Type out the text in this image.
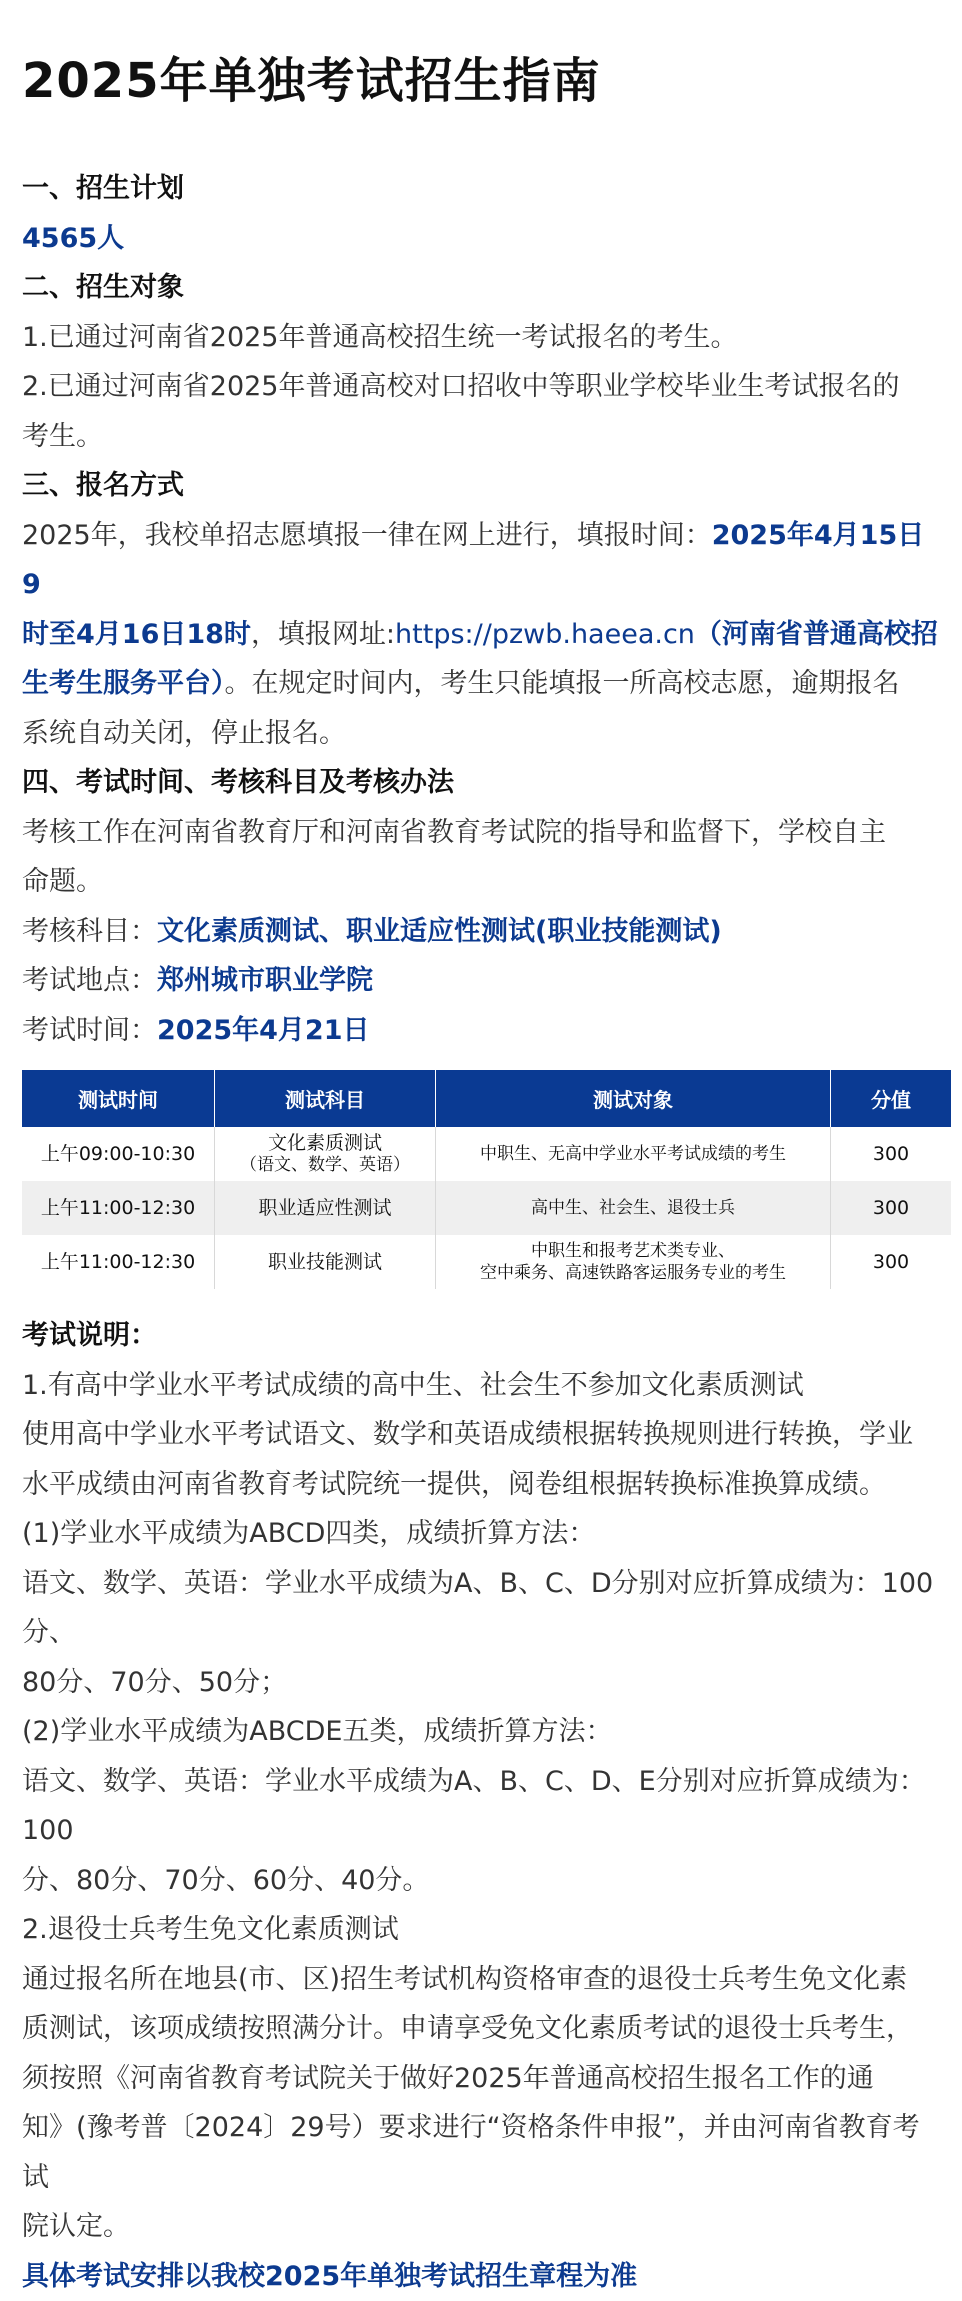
2025年单独考试招生指南

一、招生计划

4565人

二、招生对象

1.已通过河南省2025年普通高校招生统一考试报名的考生。

2.已通过河南省2025年普通高校对口招收中等职业学校毕业生考试报名的

考生。

三、报名方式

2025年，我校单招志愿填报一律在网上进行，填报时间：2025年4月15日9

时至4月16日18时，填报网址:https://pzwb.haeea.cn（河南省普通高校招

生考生服务平台）。在规定时间内，考生只能填报一所高校志愿，逾期报名

系统自动关闭，停止报名。

四、考试时间、考核科目及考核办法

考核工作在河南省教育厅和河南省教育考试院的指导和监督下，学校自主

命题。

考核科目：文化素质测试、职业适应性测试(职业技能测试)

考试地点：郑州城市职业学院

考试时间：2025年4月21日

测试时间	测试科目	测试对象	分值
上午09:00-10:30	文化素质测试
（语文、数学、英语）	中职生、无高中学业水平考试成绩的考生	300
上午11:00-12:30	职业适应性测试	高中生、社会生、退役士兵	300
上午11:00-12:30	职业技能测试	中职生和报考艺术类专业、
空中乘务、高速铁路客运服务专业的考生	300

考试说明：

1.有高中学业水平考试成绩的高中生、社会生不参加文化素质测试

使用高中学业水平考试语文、数学和英语成绩根据转换规则进行转换，学业

水平成绩由河南省教育考试院统一提供，阅卷组根据转换标准换算成绩。

(1)学业水平成绩为ABCD四类，成绩折算方法：

语文、数学、英语：学业水平成绩为A、B、C、D分别对应折算成绩为：100分、

80分、70分、50分；

(2)学业水平成绩为ABCDE五类，成绩折算方法：

语文、数学、英语：学业水平成绩为A、B、C、D、E分别对应折算成绩为：100

分、80分、70分、60分、40分。

2.退役士兵考生免文化素质测试

通过报名所在地县(市、区)招生考试机构资格审查的退役士兵考生免文化素

质测试，该项成绩按照满分计。申请享受免文化素质考试的退役士兵考生，

须按照《河南省教育考试院关于做好2025年普通高校招生报名工作的通

知》(豫考普〔2024〕29号）要求进行“资格条件申报”，并由河南省教育考试

院认定。

具体考试安排以我校2025年单独考试招生章程为准
